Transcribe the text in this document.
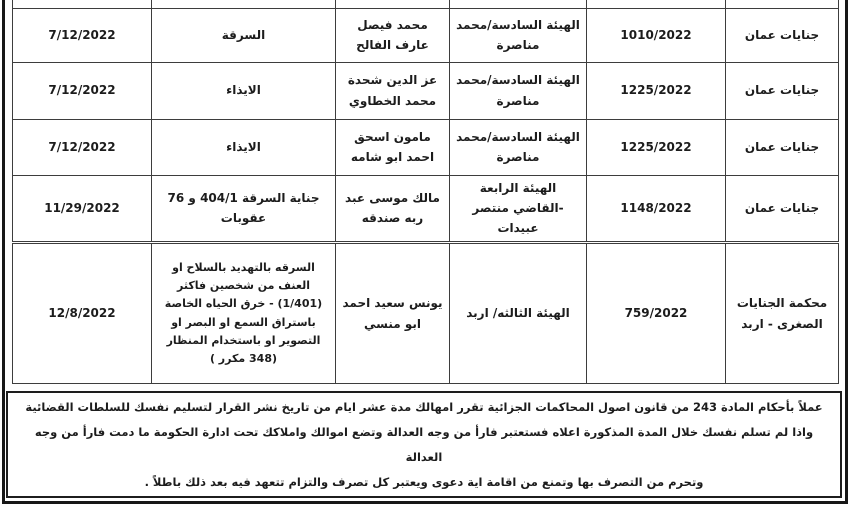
جنايات عمان	1010/2022	الهيئة السادسة/محمد مناصرة	محمد فيصل عارف الفالح	السرقة	7/12/2022
جنايات عمان	1225/2022	الهيئة السادسة/محمد مناصرة	عز الدين شحدة محمد الخطاوي	الايذاء	7/12/2022
جنايات عمان	1225/2022	الهيئة السادسة/محمد مناصرة	مامون اسحق احمد ابو شامه	الايذاء	7/12/2022
جنايات عمان	1148/2022	الهيئة الرابعة -القاضي منتصر عبيدات	مالك موسى عبد ربه صندقه	جناية السرقة 404/1 و 76 عقوبات	11/29/2022
محكمة الجنايات الصغرى - اربد	759/2022	الهيئة الثالثه/ اربد	يونس سعيد احمد ابو منسي	السرقه بالتهديد بالسلاح او العنف من شخصين فاكثر (1/401) - خرق الحياه الخاصة باستراق السمع او البصر او التصوير او باستخدام المنظار (348 مكرر )	12/8/2022
عملاً بأحكام المادة 243 من قانون اصول المحاكمات الجزائية تقرر امهالك مدة عشر ايام من تاريخ نشر القرار لتسليم نفسك للسلطات القضائية
واذا لم تسلم نفسك خلال المدة المذكورة اعلاه فستعتبر فارأ من وجه العدالة وتضع اموالك واملاكك تحت ادارة الحكومة ما دمت فارأ من وجه العدالة
وتحرم من التصرف بها وتمنع من اقامة اية دعوى ويعتبر كل تصرف والتزام تتعهد فيه بعد ذلك باطلاً .
